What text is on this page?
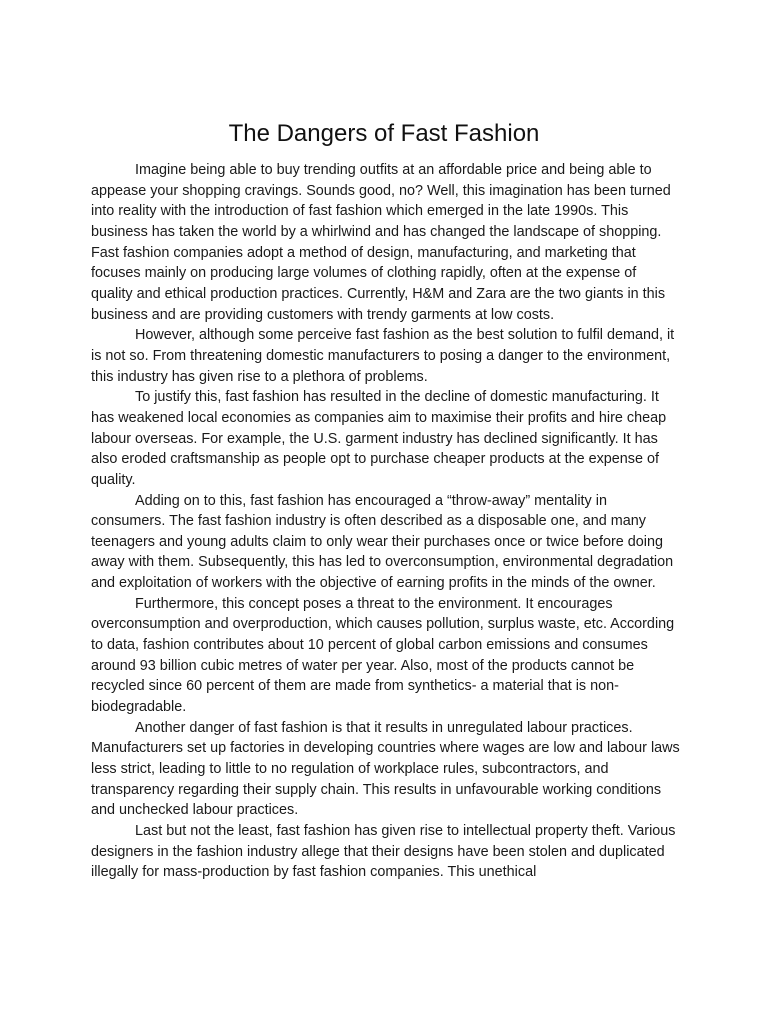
The Dangers of Fast Fashion

Imagine being able to buy trending outfits at an affordable price and being able to appease your shopping cravings. Sounds good, no? Well, this imagination has been turned into reality with the introduction of fast fashion which emerged in the late 1990s. This business has taken the world by a whirlwind and has changed the landscape of shopping. Fast fashion companies adopt a method of design, manufacturing, and marketing that focuses mainly on producing large volumes of clothing rapidly, often at the expense of quality and ethical production practices. Currently, H&M and Zara are the two giants in this business and are providing customers with trendy garments at low costs.

However, although some perceive fast fashion as the best solution to fulfil demand, it is not so. From threatening domestic manufacturers to posing a danger to the environment, this industry has given rise to a plethora of problems.

To justify this, fast fashion has resulted in the decline of domestic manufacturing. It has weakened local economies as companies aim to maximise their profits and hire cheap labour overseas. For example, the U.S. garment industry has declined significantly. It has also eroded craftsmanship as people opt to purchase cheaper products at the expense of quality.

Adding on to this, fast fashion has encouraged a “throw-away” mentality in consumers. The fast fashion industry is often described as a disposable one, and many teenagers and young adults claim to only wear their purchases once or twice before doing away with them. Subsequently, this has led to overconsumption, environmental degradation and exploitation of workers with the objective of earning profits in the minds of the owner.

Furthermore, this concept poses a threat to the environment. It encourages overconsumption and overproduction, which causes pollution, surplus waste, etc. According to data, fashion contributes about 10 percent of global carbon emissions and consumes around 93 billion cubic metres of water per year. Also, most of the products cannot be recycled since 60 percent of them are made from synthetics- a material that is non-biodegradable.

Another danger of fast fashion is that it results in unregulated labour practices. Manufacturers set up factories in developing countries where wages are low and labour laws less strict, leading to little to no regulation of workplace rules, subcontractors, and transparency regarding their supply chain. This results in unfavourable working conditions and unchecked labour practices.

Last but not the least, fast fashion has given rise to intellectual property theft. Various designers in the fashion industry allege that their designs have been stolen and duplicated illegally for mass-production by fast fashion companies. This unethical
